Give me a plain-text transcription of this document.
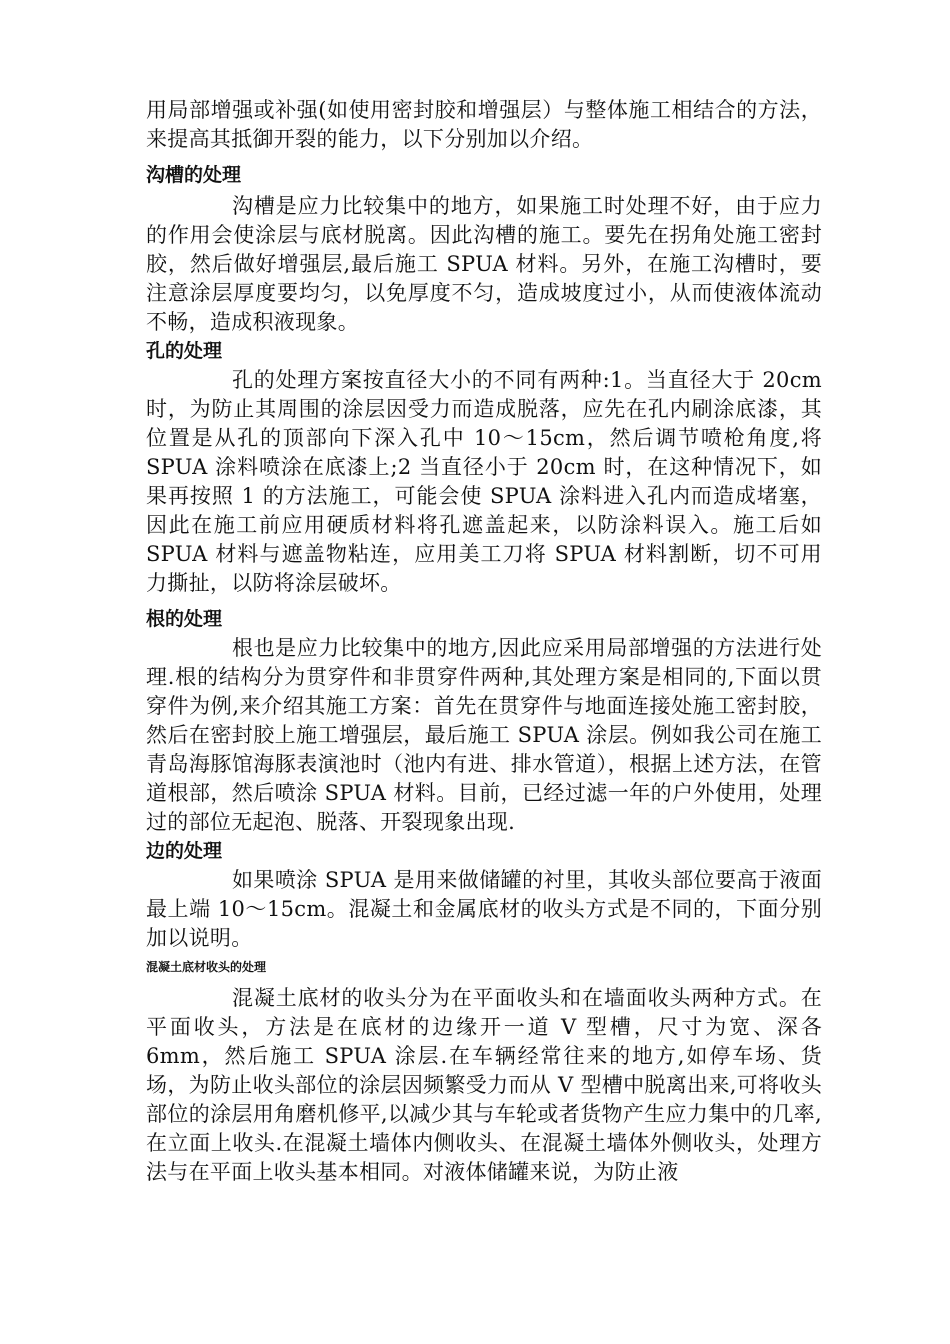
用局部增强或补强(如使用密封胶和增强层）与整体施工相结合的方法，来提高其抵御开裂的能力，以下分别加以介绍。

沟槽的处理

沟槽是应力比较集中的地方，如果施工时处理不好，由于应力的作用会使涂层与底材脱离。因此沟槽的施工。要先在拐角处施工密封胶，然后做好增强层,最后施工 SPUA 材料。另外，在施工沟槽时，要注意涂层厚度要均匀，以免厚度不匀，造成坡度过小，从而使液体流动不畅，造成积液现象。

孔的处理

孔的处理方案按直径大小的不同有两种:1。当直径大于 20cm 时，为防止其周围的涂层因受力而造成脱落，应先在孔内刷涂底漆，其位置是从孔的顶部向下深入孔中 10～15cm，然后调节喷枪角度,将 SPUA 涂料喷涂在底漆上;2 当直径小于 20cm 时，在这种情况下，如果再按照 1 的方法施工，可能会使 SPUA 涂料进入孔内而造成堵塞，因此在施工前应用硬质材料将孔遮盖起来，以防涂料误入。施工后如 SPUA 材料与遮盖物粘连，应用美工刀将 SPUA 材料割断，切不可用力撕扯，以防将涂层破坏。

根的处理

根也是应力比较集中的地方,因此应采用局部增强的方法进行处理.根的结构分为贯穿件和非贯穿件两种,其处理方案是相同的,下面以贯穿件为例,来介绍其施工方案：首先在贯穿件与地面连接处施工密封胶，然后在密封胶上施工增强层，最后施工 SPUA 涂层。例如我公司在施工青岛海豚馆海豚表演池时（池内有进、排水管道），根据上述方法，在管道根部，然后喷涂 SPUA 材料。目前，已经过滤一年的户外使用，处理过的部位无起泡、脱落、开裂现象出现.

边的处理

如果喷涂 SPUA 是用来做储罐的衬里，其收头部位要高于液面最上端 10～15cm。混凝土和金属底材的收头方式是不同的，下面分别加以说明。

混凝土底材收头的处理

混凝土底材的收头分为在平面收头和在墙面收头两种方式。在平面收头，方法是在底材的边缘开一道 V 型槽，尺寸为宽、深各 6mm，然后施工 SPUA 涂层.在车辆经常往来的地方,如停车场、货场，为防止收头部位的涂层因频繁受力而从 V 型槽中脱离出来,可将收头部位的涂层用角磨机修平,以减少其与车轮或者货物产生应力集中的几率,在立面上收头.在混凝土墙体内侧收头、在混凝土墙体外侧收头，处理方法与在平面上收头基本相同。对液体储罐来说，为防止液
